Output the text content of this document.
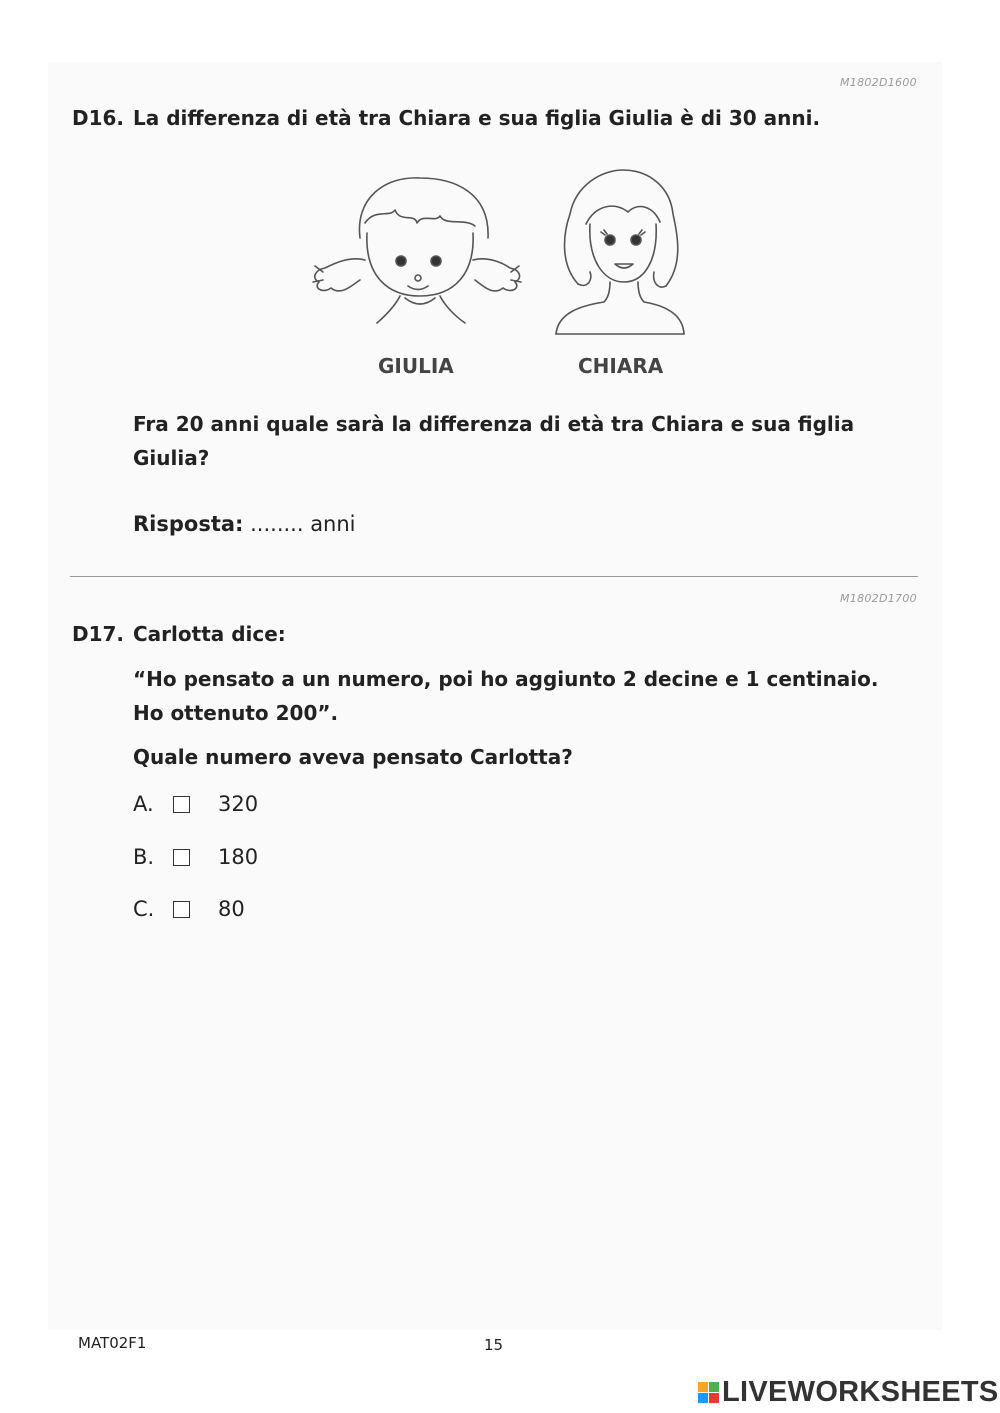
M1802D1600
D16. La differenza di età tra Chiara e sua figlia Giulia è di 30 anni.
GIULIA	CHIARA
Fra 20 anni quale sarà la differenza di età tra Chiara e sua figlia
Giulia?
Risposta: ........ anni
M1802D1700
D17. Carlotta dice:
“Ho pensato a un numero, poi ho aggiunto 2 decine e 1 centinaio.
Ho ottenuto 200”.
Quale numero aveva pensato Carlotta?
A.	320
B.	180
C.	80
MAT02F1	15
LIVEWORKSHEETS
